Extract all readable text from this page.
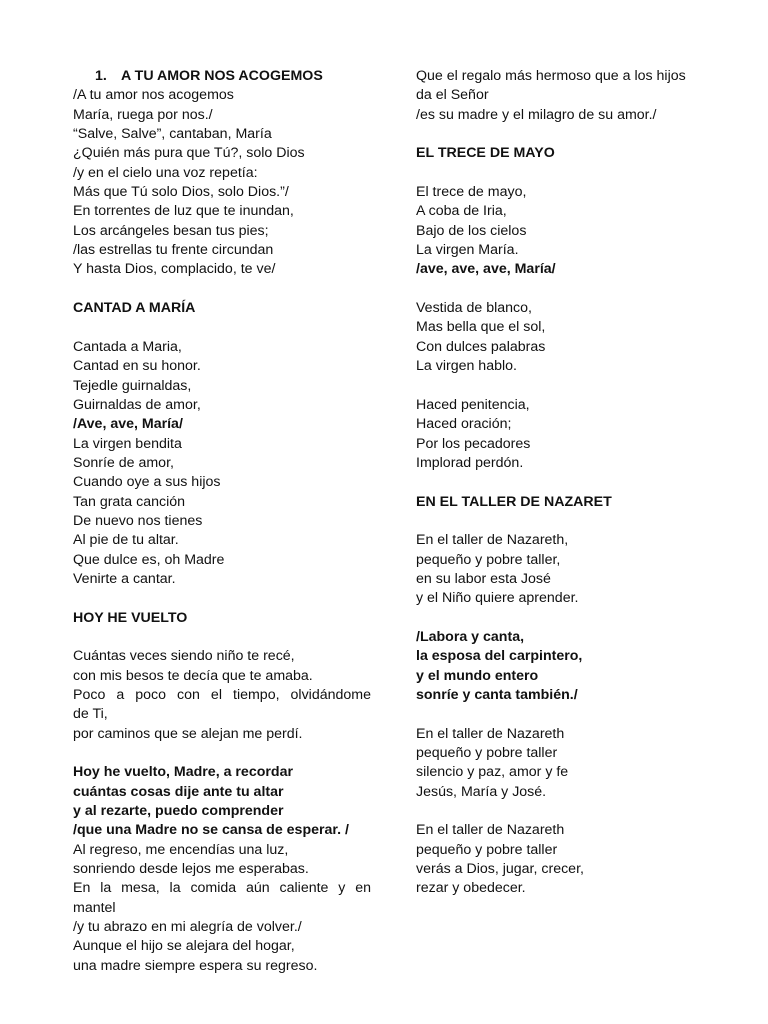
1. A TU AMOR NOS ACOGEMOS
/A tu amor nos acogemos
María, ruega por nos./
“Salve, Salve”, cantaban, María
¿Quién más pura que Tú?, solo Dios
/y en el cielo una voz repetía:
Más que Tú solo Dios, solo Dios.”/
En torrentes de luz que te inundan,
Los arcángeles besan tus pies;
/las estrellas tu frente circundan
Y hasta Dios, complacido, te ve/
CANTAD A MARÍA
Cantada a Maria,
Cantad en su honor.
Tejedle guirnaldas,
Guirnaldas de amor,
/Ave, ave, María/
La virgen bendita
Sonríe de amor,
Cuando oye a sus hijos
Tan grata canción
De nuevo nos tienes
Al pie de tu altar.
Que dulce es, oh Madre
Venirte a cantar.
HOY HE VUELTO
Cuántas veces siendo niño te recé,
con mis besos te decía que te amaba.
Poco a poco con el tiempo, olvidándome
de Ti,
por caminos que se alejan me perdí.
Hoy he vuelto, Madre, a recordar
cuántas cosas dije ante tu altar
y al rezarte, puedo comprender
/que una Madre no se cansa de esperar. /
Al regreso, me encendías una luz,
sonriendo desde lejos me esperabas.
En la mesa, la comida aún caliente y en
mantel
/y tu abrazo en mi alegría de volver./
Aunque el hijo se alejara del hogar,
una madre siempre espera su regreso.
Que el regalo más hermoso que a los hijos
da el Señor
/es su madre y el milagro de su amor./
EL TRECE DE MAYO
El trece de mayo,
A coba de Iria,
Bajo de los cielos
La virgen María.
/ave, ave, ave, María/
Vestida de blanco,
Mas bella que el sol,
Con dulces palabras
La virgen hablo.
Haced penitencia,
Haced oración;
Por los pecadores
Implorad perdón.
EN EL TALLER DE NAZARET
En el taller de Nazareth,
pequeño y pobre taller,
en su labor esta José
y el Niño quiere aprender.
/Labora y canta,
la esposa del carpintero,
y el mundo entero
sonríe y canta también./
En el taller de Nazareth
pequeño y pobre taller
silencio y paz, amor y fe
Jesús, María y José.
En el taller de Nazareth
pequeño y pobre taller
verás a Dios, jugar, crecer,
rezar y obedecer.
